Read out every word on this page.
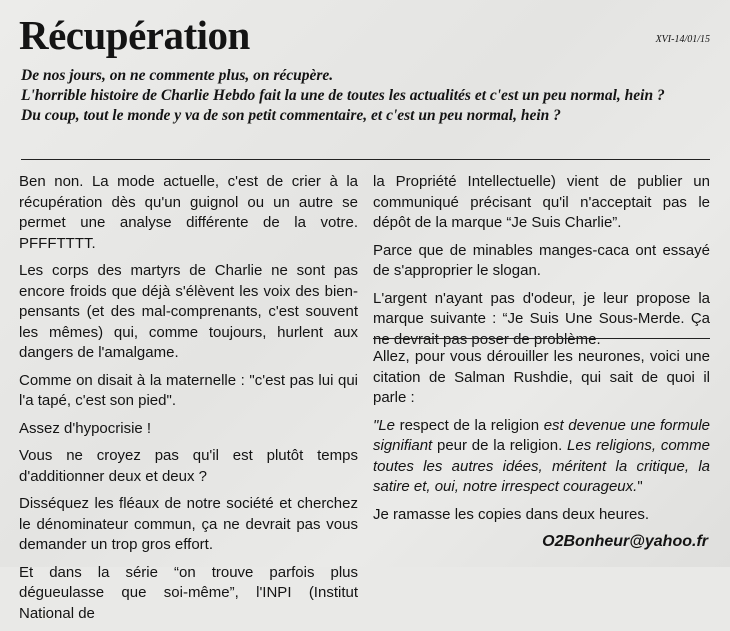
Récupération	XVI-14/01/15

De nos jours, on ne commente plus, on récupère.

L'horrible histoire de Charlie Hebdo fait la une de toutes les actualités et c'est un peu normal, hein ?

Du coup, tout le monde y va de son petit commentaire, et c'est un peu normal, hein ?

Ben non. La mode actuelle, c'est de crier à la récupération dès qu'un guignol ou un autre se permet une analyse différente de la votre. PFFFTTTT.

Les corps des martyrs de Charlie ne sont pas encore froids que déjà s'élèvent les voix des bien-pensants (et des mal-comprenants, c'est souvent les mêmes) qui, comme toujours, hurlent aux dangers de l'amalgame.

Comme on disait à la maternelle : "c'est pas lui qui l'a tapé, c'est son pied".

Assez d'hypocrisie !

Vous ne croyez pas qu'il est plutôt temps d'additionner deux et deux ?

Disséquez les fléaux de notre société et cherchez le dénominateur commun, ça ne devrait pas vous demander un trop gros effort.

Et dans la série “on trouve parfois plus dégueulasse que soi-même”, l'INPI (Institut National de

la Propriété Intellectuelle) vient de publier un communiqué précisant qu'il n'acceptait pas le dépôt de la marque “Je Suis Charlie”.

Parce que de minables manges-caca ont essayé de s'approprier le slogan.

L'argent n'ayant pas d'odeur, je leur propose la marque suivante : “Je Suis Une Sous-Merde. Ça ne devrait pas poser de problème.

Allez, pour vous dérouiller les neurones, voici une citation de Salman Rushdie, qui sait de quoi il parle :

"Le respect de la religion est devenue une formule signifiant peur de la religion. Les religions, comme toutes les autres idées, méritent la critique, la satire et, oui, notre irrespect courageux."

Je ramasse les copies dans deux heures.

O2Bonheur@yahoo.fr
